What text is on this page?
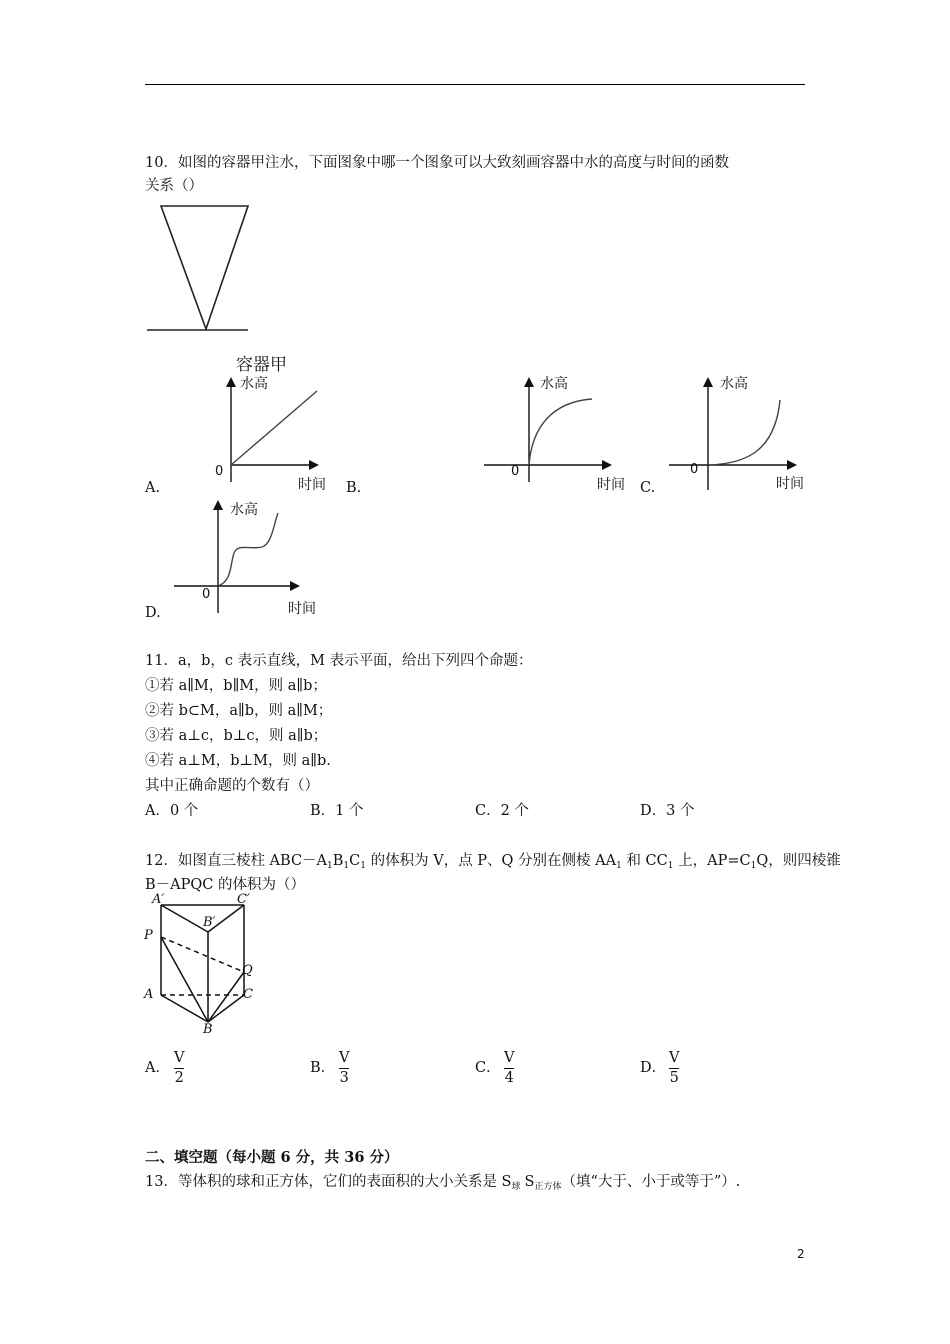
10．如图的容器甲注水，下面图象中哪一个图象可以大致刻画容器中水的高度与时间的函数
关系（）
容器甲
水高
0
时间
A.	B.
水高
0
时间 C.
水高
0
时间
水高
0
时间
D.
11．a，b，c 表示直线，M 表示平面，给出下列四个命题：
①若 a∥M，b∥M，则 a∥b；
②若 b⊂M，a∥b，则 a∥M；
③若 a⊥c，b⊥c，则 a∥b；
④若 a⊥M，b⊥M，则 a∥b.
其中正确命题的个数有（）
A．0 个	B．1 个	C．2 个	D．3 个
12．如图直三棱柱 $ABC-A_1B_1C_1$ 的体积为 V，点 P、Q 分别在侧棱 $AA_1$ 和 $CC_1$ 上，$AP=C_1Q$，则四棱锥
B－APQC 的体积为（）
A′	C′
B′
P
Q
A	C
B
A．
V
2
B．
V
3
C．
V
4
D．
V
5
二、填空题（每小题 6 分，共 36 分）
13．等体积的球和正方体，它们的表面积的大小关系是 $S_球$ $S_{正方体}$（填“大于、小于或等于”）.
2
